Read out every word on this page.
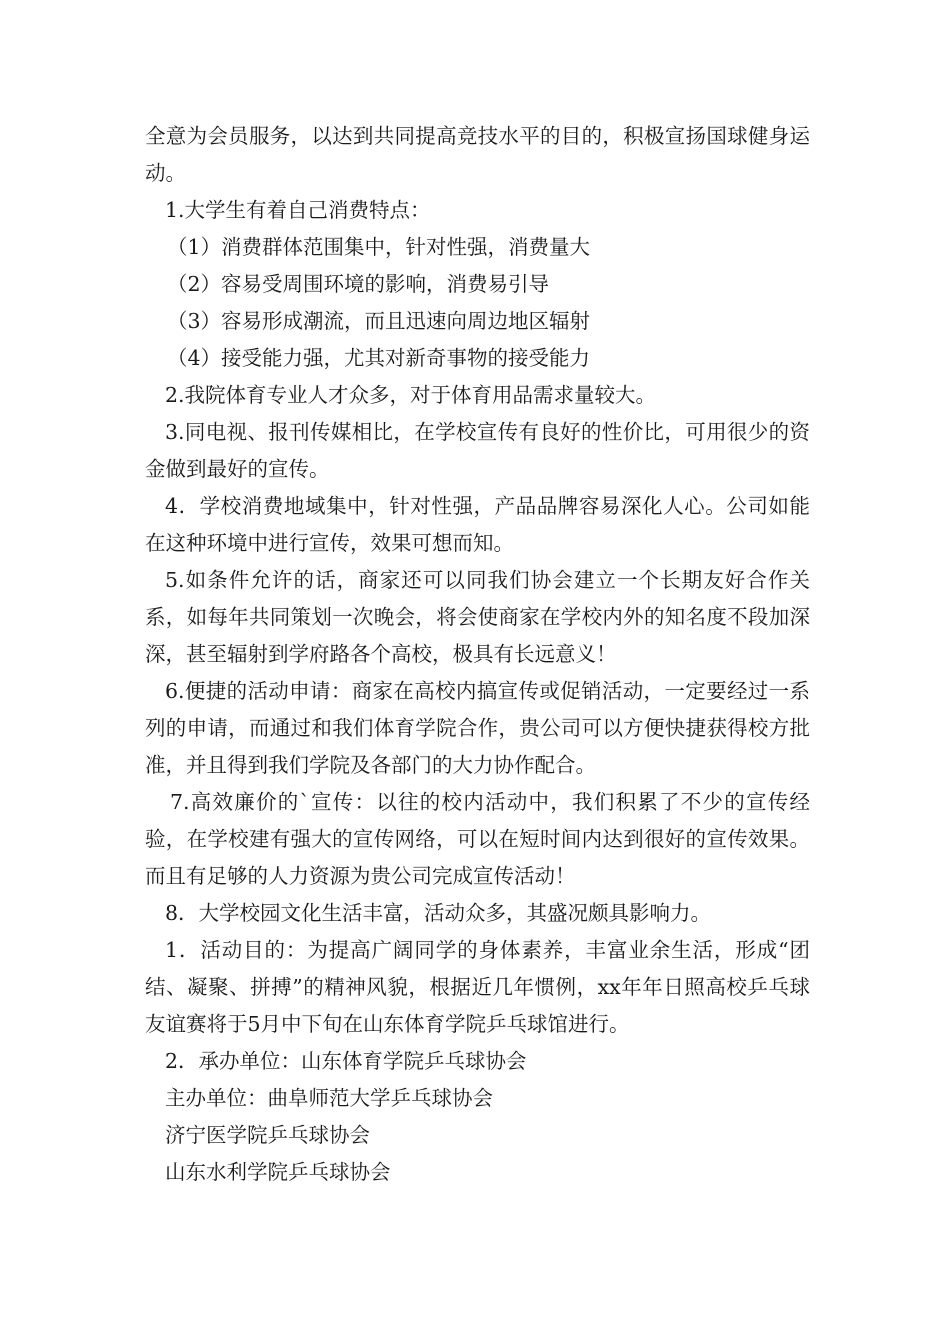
全意为会员服务，以达到共同提高竞技水平的目的，积极宣扬国球健身运动。

1.大学生有着自己消费特点：

（1）消费群体范围集中，针对性强，消费量大

（2）容易受周围环境的影响，消费易引导

（3）容易形成潮流，而且迅速向周边地区辐射

（4）接受能力强，尤其对新奇事物的接受能力

2.我院体育专业人才众多，对于体育用品需求量较大。

3.同电视、报刊传媒相比，在学校宣传有良好的性价比，可用很少的资金做到最好的宣传。

4．学校消费地域集中，针对性强，产品品牌容易深化人心。公司如能在这种环境中进行宣传，效果可想而知。

5.如条件允许的话，商家还可以同我们协会建立一个长期友好合作关系，如每年共同策划一次晚会，将会使商家在学校内外的知名度不段加深深，甚至辐射到学府路各个高校，极具有长远意义！

6.便捷的活动申请：商家在高校内搞宣传或促销活动，一定要经过一系列的申请，而通过和我们体育学院合作，贵公司可以方便快捷获得校方批准，并且得到我们学院及各部门的大力协作配合。

7.高效廉价的`宣传：以往的校内活动中，我们积累了不少的宣传经验，在学校建有强大的宣传网络，可以在短时间内达到很好的宣传效果。而且有足够的人力资源为贵公司完成宣传活动！

8．大学校园文化生活丰富，活动众多，其盛况颇具影响力。

1．活动目的：为提高广阔同学的身体素养，丰富业余生活，形成“团结、凝聚、拼搏”的精神风貌，根据近几年惯例，xx年年日照高校乒乓球友谊赛将于5月中下旬在山东体育学院乒乓球馆进行。

2．承办单位：山东体育学院乒乓球协会

主办单位：曲阜师范大学乒乓球协会

济宁医学院乒乓球协会

山东水利学院乒乓球协会
